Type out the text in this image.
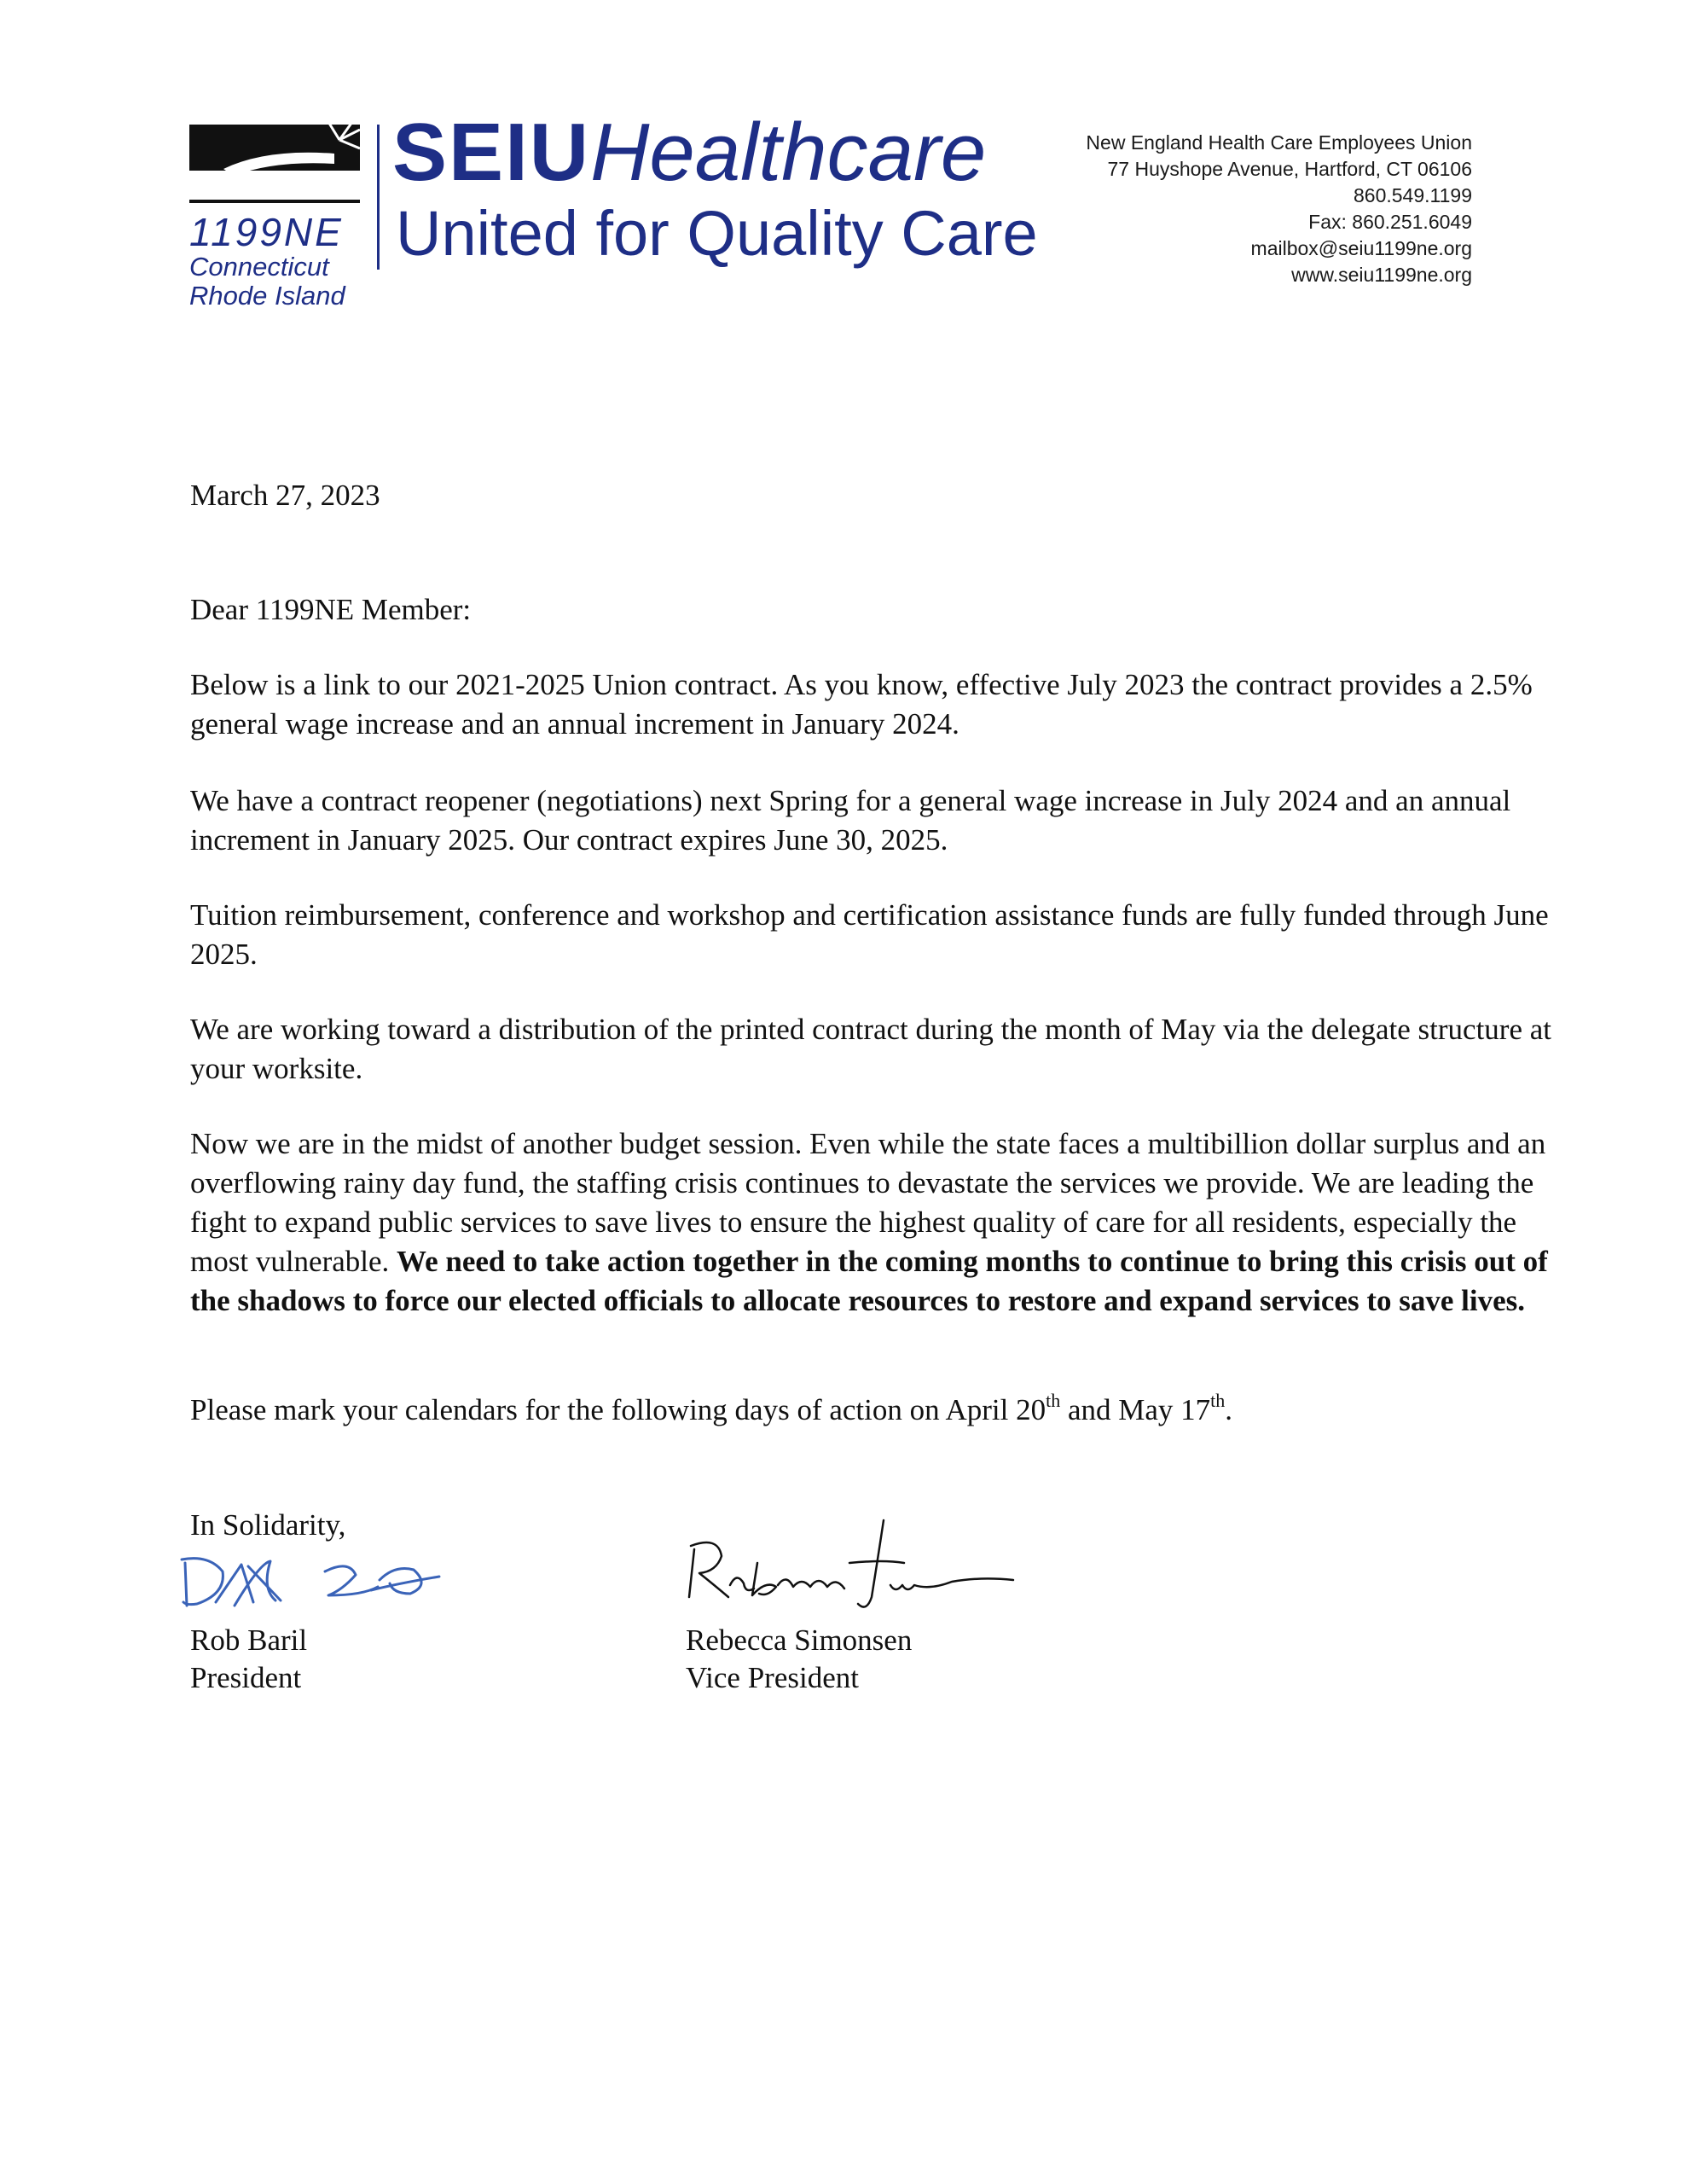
1199NE
Connecticut
Rhode Island
SEIUHealthcare
United for Quality Care
New England Health Care Employees Union
77 Huyshope Avenue, Hartford, CT 06106
860.549.1199
Fax: 860.251.6049
mailbox@seiu1199ne.org
www.seiu1199ne.org
March 27, 2023
Dear 1199NE Member:
Below is a link to our 2021-2025 Union contract. As you know, effective July 2023 the contract provides a 2.5% general wage increase and an annual increment in January 2024.
We have a contract reopener (negotiations) next Spring for a general wage increase in July 2024 and an annual increment in January 2025. Our contract expires June 30, 2025.
Tuition reimbursement, conference and workshop and certification assistance funds are fully funded through June 2025.
We are working toward a distribution of the printed contract during the month of May via the delegate structure at your worksite.
Now we are in the midst of another budget session. Even while the state faces a multibillion dollar surplus and an overflowing rainy day fund, the staffing crisis continues to devastate the services we provide. We are leading the fight to expand public services to save lives to ensure the highest quality of care for all residents, especially the most vulnerable. We need to take action together in the coming months to continue to bring this crisis out of the shadows to force our elected officials to allocate resources to restore and expand services to save lives.
Please mark your calendars for the following days of action on April 20th and May 17th.
In Solidarity,
Rob Baril
President
Rebecca Simonsen
Vice President
